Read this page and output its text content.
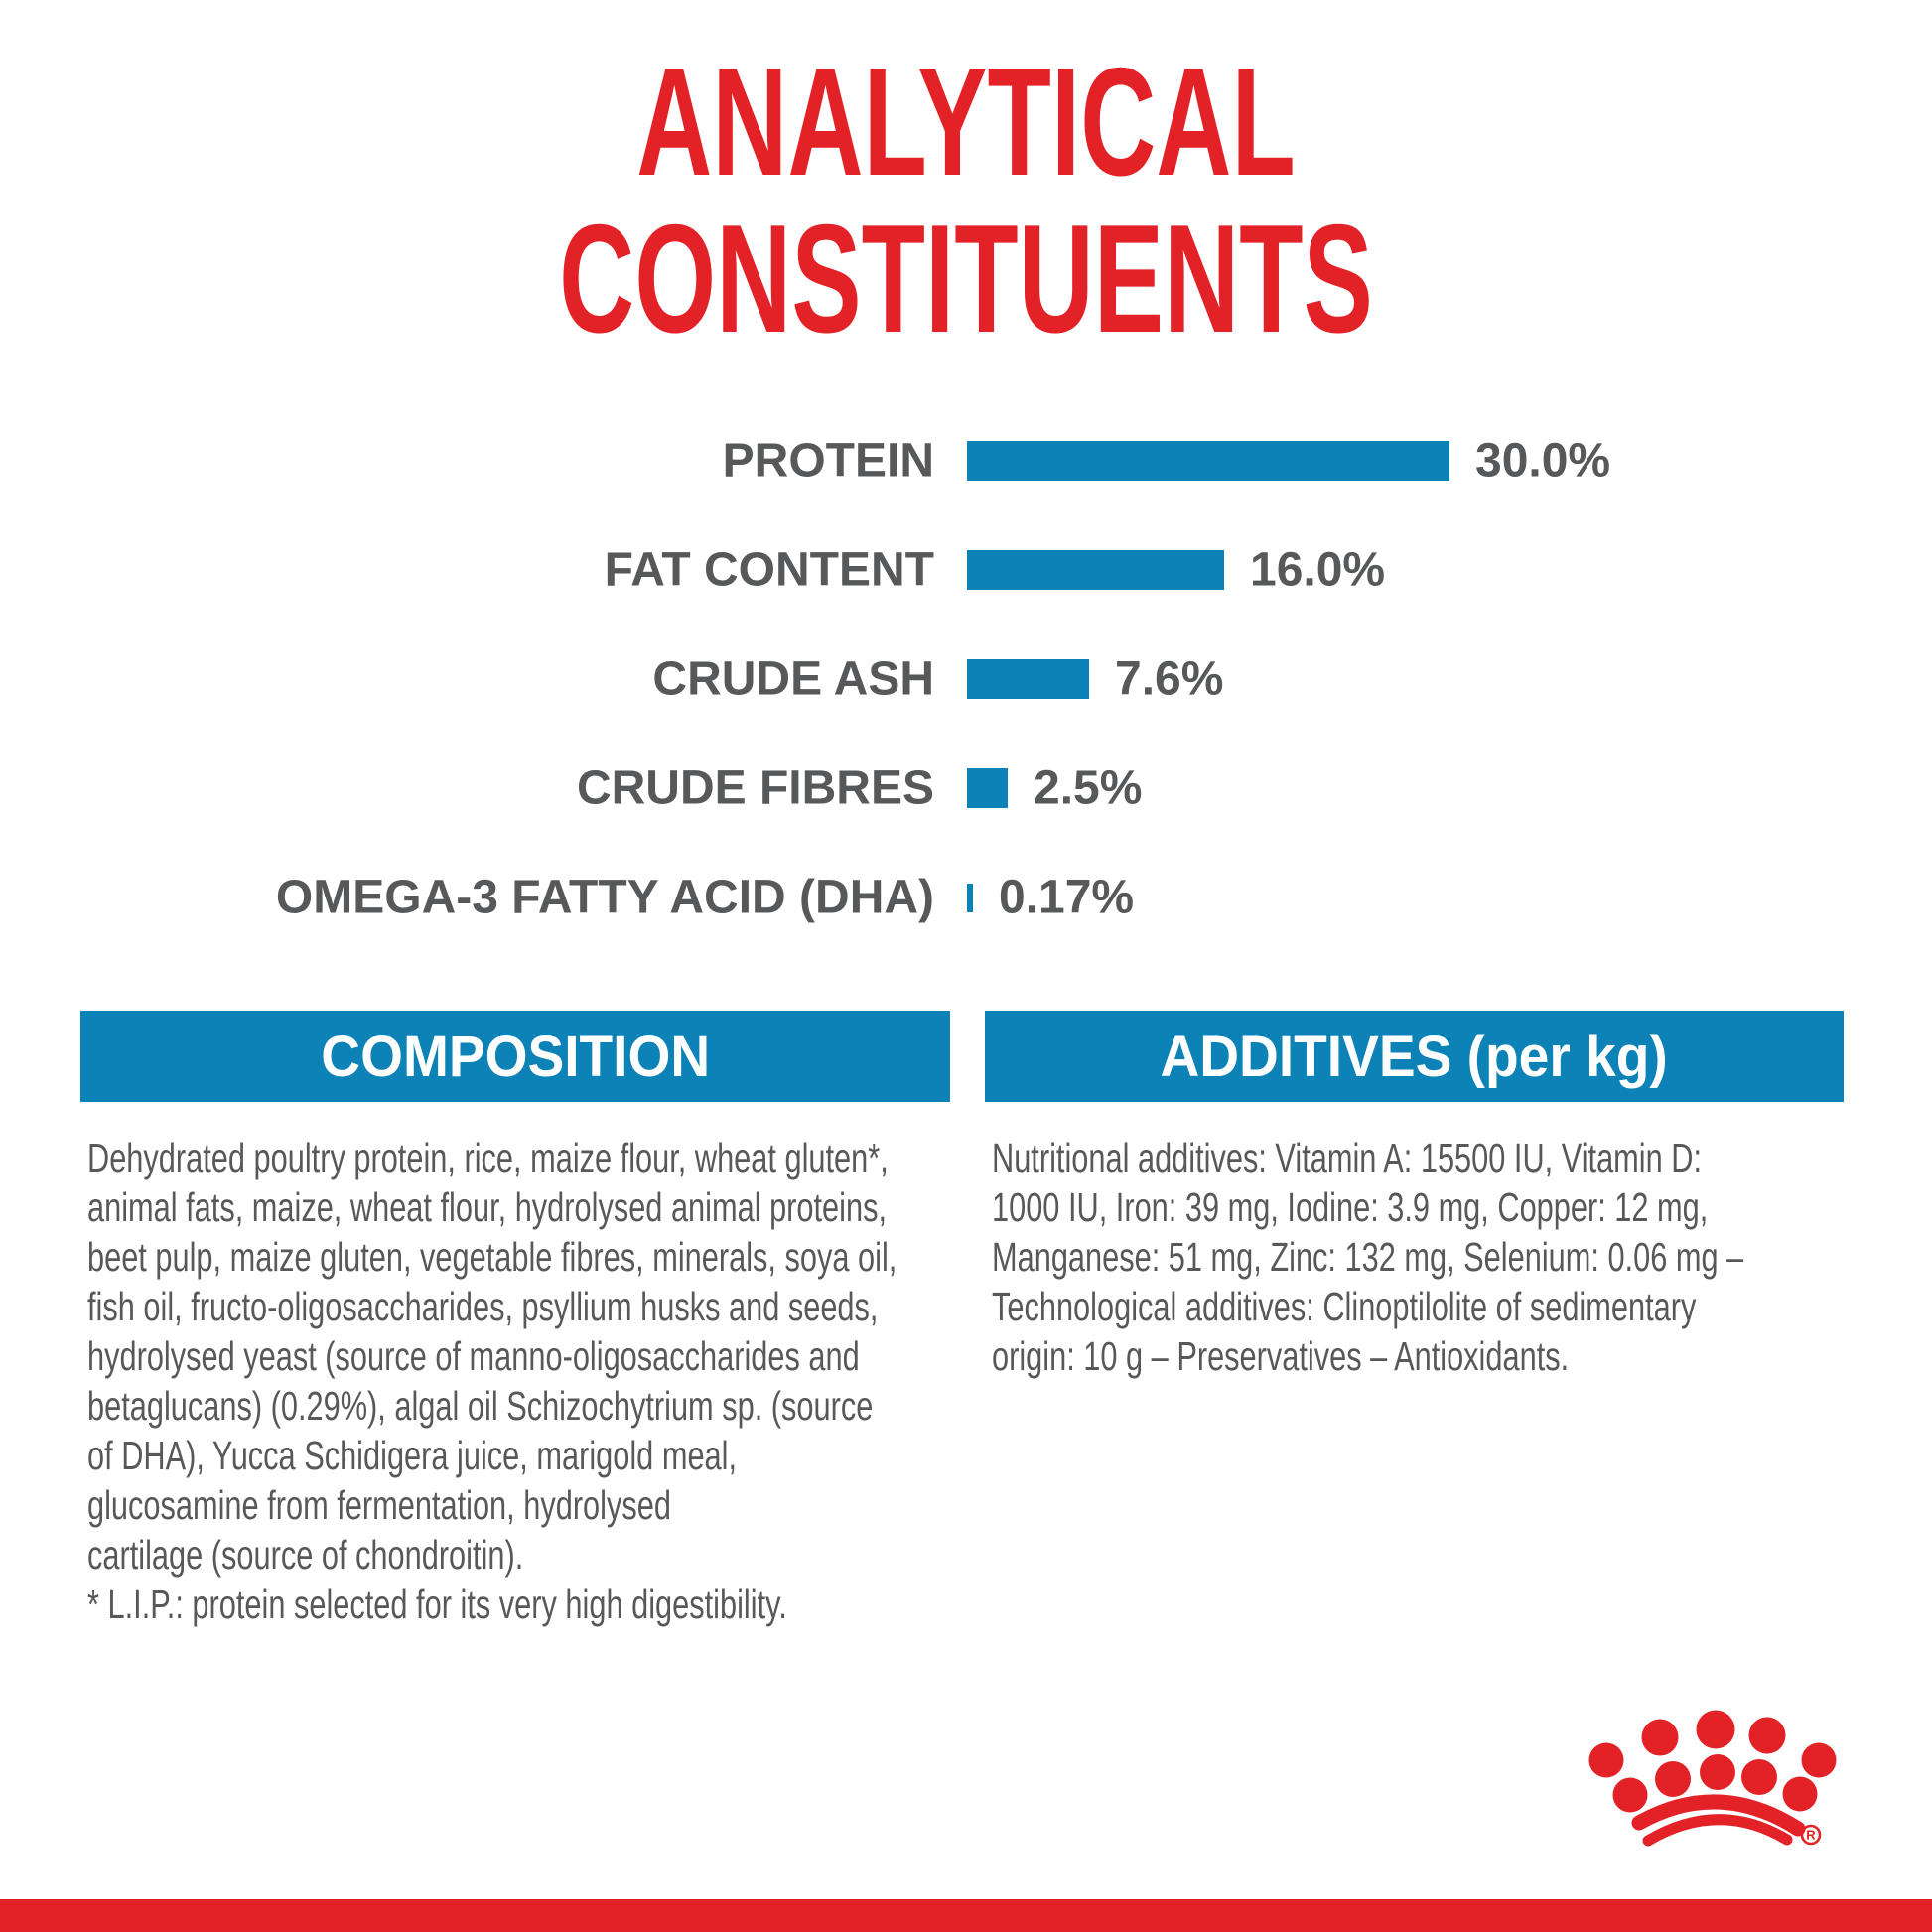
ANALYTICAL
CONSTITUENTS
PROTEIN	30.0%
FAT CONTENT	16.0%
CRUDE ASH	7.6%
CRUDE FIBRES 2.5%
OMEGA-3 FATTY ACID (DHA) 0.17%
COMPOSITION	ADDITIVES (per kg)
Dehydrated poultry protein, rice, maize flour, wheat gluten*,
animal fats, maize, wheat flour, hydrolysed animal proteins,
beet pulp, maize gluten, vegetable fibres, minerals, soya oil,
fish oil, fructo-oligosaccharides, psyllium husks and seeds,
hydrolysed yeast (source of manno-oligosaccharides and
betaglucans) (0.29%), algal oil Schizochytrium sp. (source
of DHA), Yucca Schidigera juice, marigold meal,
glucosamine from fermentation, hydrolysed
cartilage (source of chondroitin).
* L.I.P.: protein selected for its very high digestibility.
Nutritional additives: Vitamin A: 15500 IU, Vitamin D:
1000 IU, Iron: 39 mg, Iodine: 3.9 mg, Copper: 12 mg,
Manganese: 51 mg, Zinc: 132 mg, Selenium: 0.06 mg –
Technological additives: Clinoptilolite of sedimentary
origin: 10 g – Preservatives – Antioxidants.
R
